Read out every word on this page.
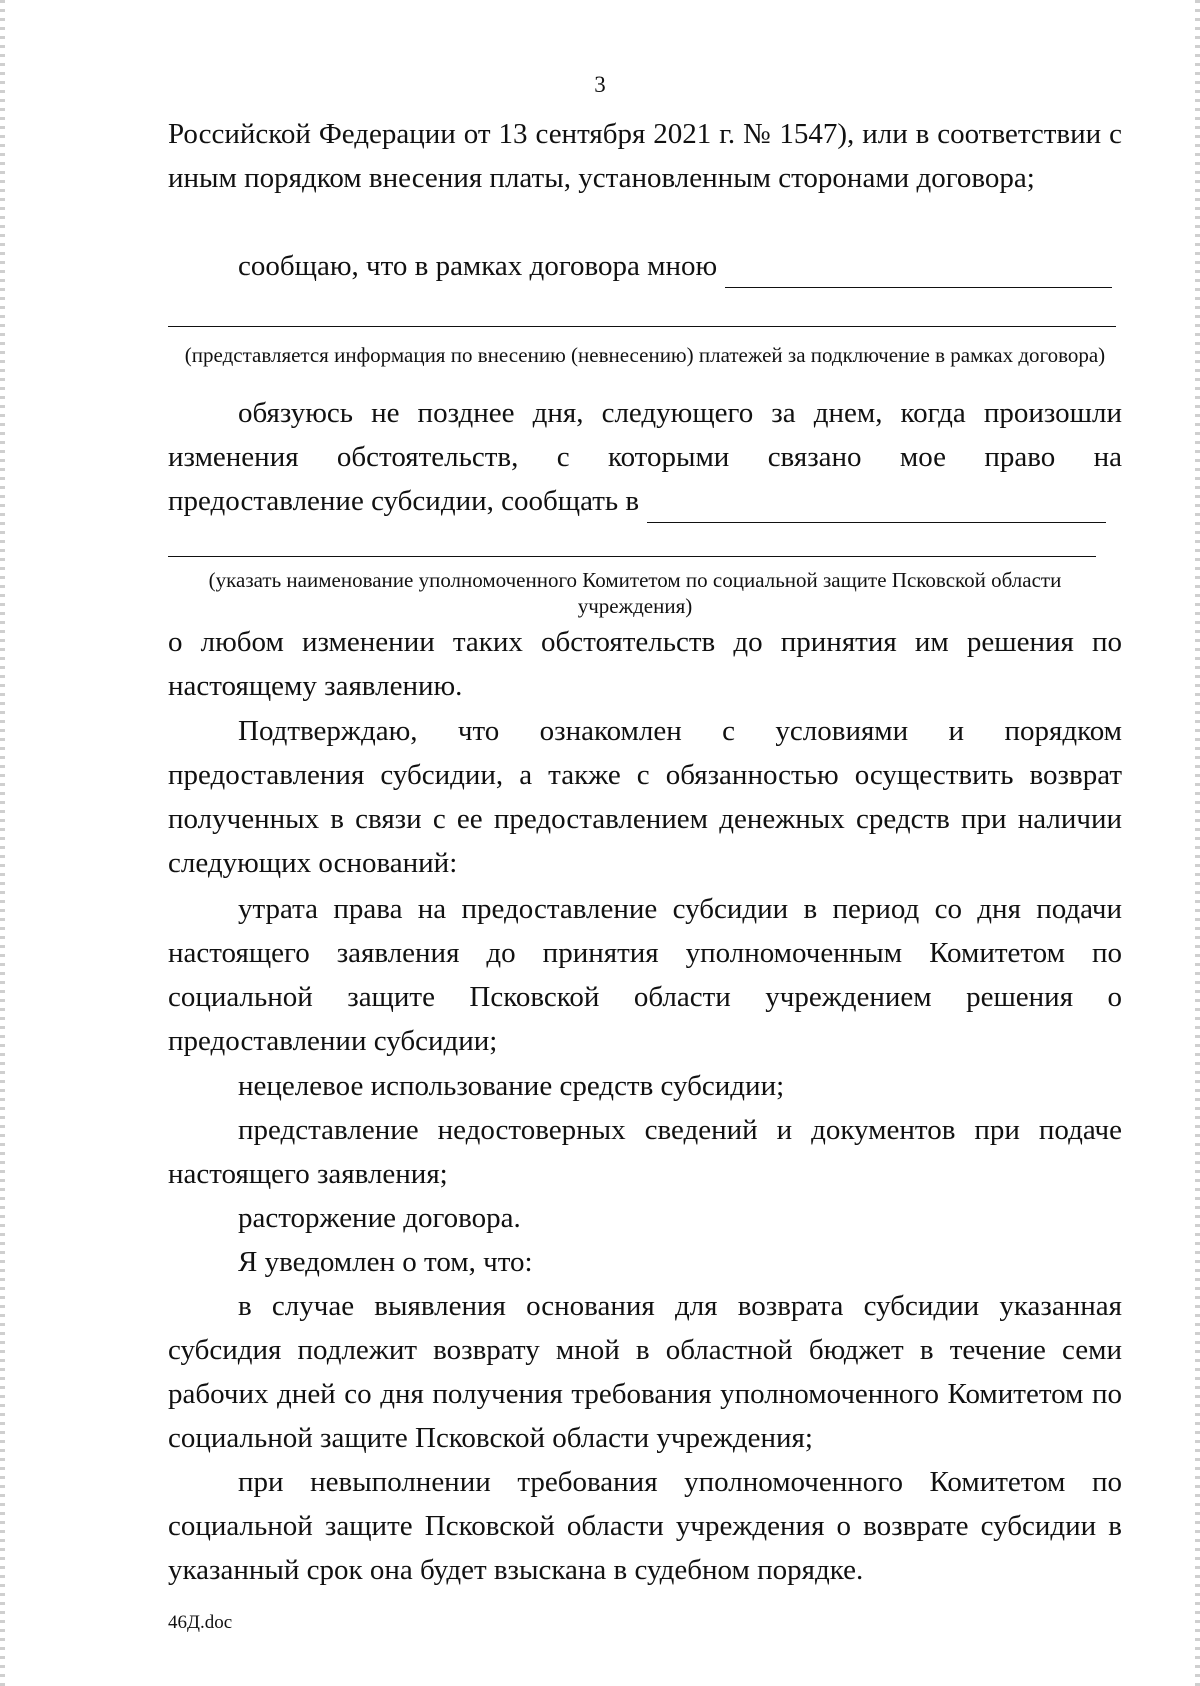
3

Российской Федерации от 13 сентября 2021 г. № 1547), или в соответствии с иным порядком внесения платы, установленным сторонами договора;

сообщаю, что в рамках договора мною

(представляется информация по внесению (невнесению) платежей за подключение в рамках договора)

обязуюсь не позднее дня, следующего за днем, когда произошли

изменения обстоятельств, с которыми связано мое право на

предоставление субсидии, сообщать в

(указать наименование уполномоченного Комитетом по социальной защите Псковской области учреждения)

о любом изменении таких обстоятельств до принятия им решения по настоящему заявлению.

Подтверждаю, что ознакомлен с условиями и порядком предоставления субсидии, а также с обязанностью осуществить возврат полученных в связи с ее предоставлением денежных средств при наличии следующих оснований:

утрата права на предоставление субсидии в период со дня подачи настоящего заявления до принятия уполномоченным Комитетом по социальной защите Псковской области учреждением решения о предоставлении субсидии;

нецелевое использование средств субсидии;

представление недостоверных сведений и документов при подаче настоящего заявления;

расторжение договора.

Я уведомлен о том, что:

в случае выявления основания для возврата субсидии указанная субсидия подлежит возврату мной в областной бюджет в течение семи рабочих дней со дня получения требования уполномоченного Комитетом по социальной защите Псковской области учреждения;

при невыполнении требования уполномоченного Комитетом по социальной защите Псковской области учреждения о возврате субсидии в указанный срок она будет взыскана в судебном порядке.

46Д.doc
